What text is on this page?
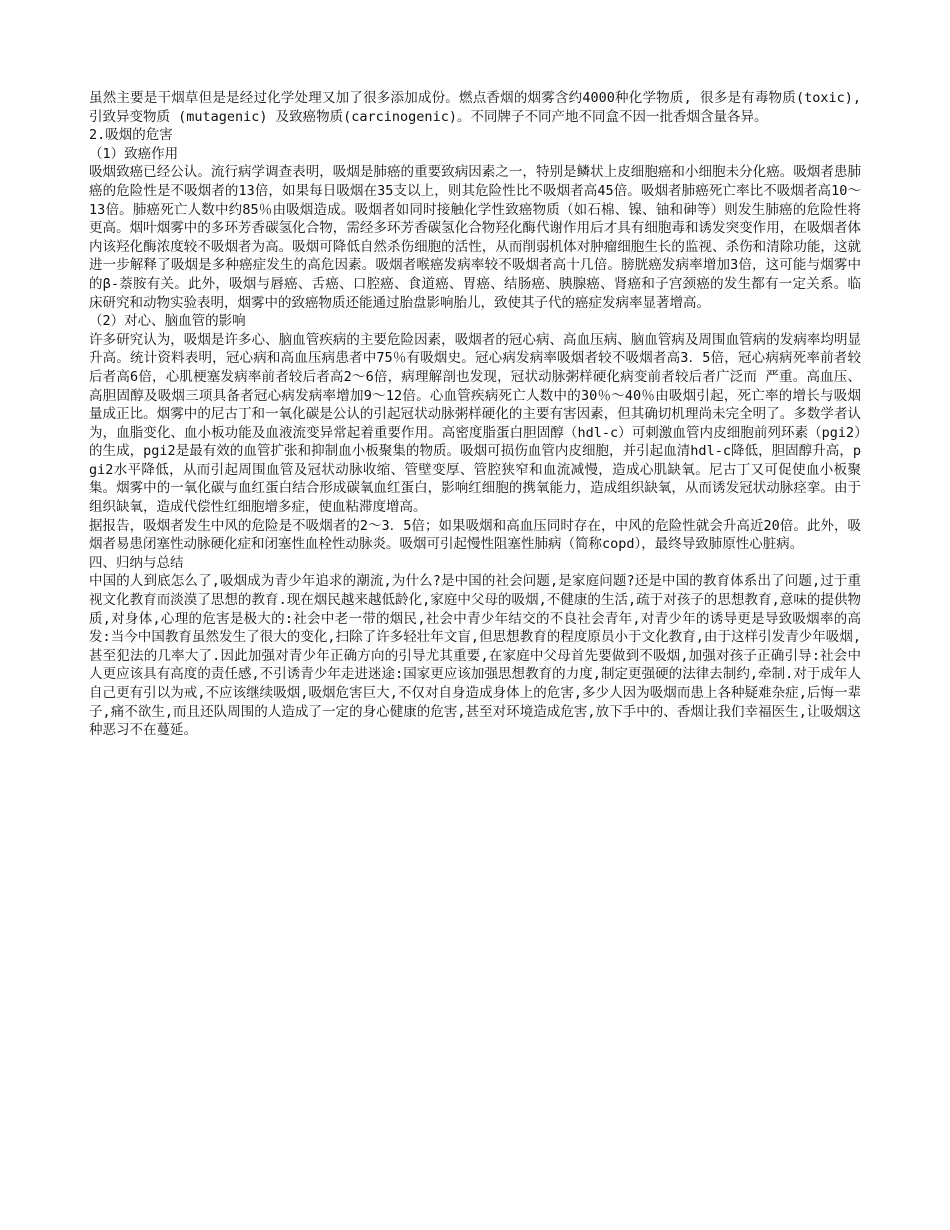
虽然主要是干烟草但是是经过化学处理又加了很多添加成份。燃点香烟的烟雾含约4000种化学物质, 很多是有毒物质(toxic),引致异变物质 (mutagenic) 及致癌物质(carcinogenic)。不同牌子不同产地不同盒不因一批香烟含量各异。

2.吸烟的危害

（1）致癌作用

吸烟致癌已经公认。流行病学调查表明，吸烟是肺癌的重要致病因素之一，特别是鳞状上皮细胞癌和小细胞未分化癌。吸烟者患肺癌的危险性是不吸烟者的13倍，如果每日吸烟在35支以上，则其危险性比不吸烟者高45倍。吸烟者肺癌死亡率比不吸烟者高10～13倍。肺癌死亡人数中约85％由吸烟造成。吸烟者如同时接触化学性致癌物质（如石棉、镍、铀和砷等）则发生肺癌的危险性将更高。烟叶烟雾中的多环芳香碳氢化合物，需经多环芳香碳氢化合物羟化酶代谢作用后才具有细胞毒和诱发突变作用，在吸烟者体内该羟化酶浓度较不吸烟者为高。吸烟可降低自然杀伤细胞的活性，从而削弱机体对肿瘤细胞生长的监视、杀伤和清除功能，这就进一步解释了吸烟是多种癌症发生的高危因素。吸烟者喉癌发病率较不吸烟者高十几倍。膀胱癌发病率增加3倍，这可能与烟雾中的β-萘胺有关。此外，吸烟与唇癌、舌癌、口腔癌、食道癌、胃癌、结肠癌、胰腺癌、肾癌和子宫颈癌的发生都有一定关系。临床研究和动物实验表明，烟雾中的致癌物质还能通过胎盘影响胎儿，致使其子代的癌症发病率显著增高。

（2）对心、脑血管的影响

许多研究认为，吸烟是许多心、脑血管疾病的主要危险因素，吸烟者的冠心病、高血压病、脑血管病及周围血管病的发病率均明显升高。统计资料表明，冠心病和高血压病患者中75％有吸烟史。冠心病发病率吸烟者较不吸烟者高3．5倍，冠心病病死率前者较后者高6倍，心肌梗塞发病率前者较后者高2～6倍，病理解剖也发现，冠状动脉粥样硬化病变前者较后者广泛而 严重。高血压、高胆固醇及吸烟三项具备者冠心病发病率增加9～12倍。心血管疾病死亡人数中的30％～40％由吸烟引起，死亡率的增长与吸烟量成正比。烟雾中的尼古丁和一氧化碳是公认的引起冠状动脉粥样硬化的主要有害因素，但其确切机理尚未完全明了。多数学者认为，血脂变化、血小板功能及血液流变异常起着重要作用。高密度脂蛋白胆固醇（hdl-c）可刺激血管内皮细胞前列环素（pgi2）的生成，pgi2是最有效的血管扩张和抑制血小板聚集的物质。吸烟可损伤血管内皮细胞，并引起血清hdl-c降低，胆固醇升高，pgi2水平降低，从而引起周围血管及冠状动脉收缩、管壁变厚、管腔狭窄和血流减慢，造成心肌缺氧。尼古丁又可促使血小板聚集。烟雾中的一氧化碳与血红蛋白结合形成碳氧血红蛋白，影响红细胞的携氧能力，造成组织缺氧，从而诱发冠状动脉痉挛。由于组织缺氧，造成代偿性红细胞增多症，使血粘滞度增高。

据报告，吸烟者发生中风的危险是不吸烟者的2～3．5倍；如果吸烟和高血压同时存在，中风的危险性就会升高近20倍。此外，吸烟者易患闭塞性动脉硬化症和闭塞性血栓性动脉炎。吸烟可引起慢性阻塞性肺病（简称copd），最终导致肺原性心脏病。

四、归纳与总结

中国的人到底怎么了,吸烟成为青少年追求的潮流,为什么?是中国的社会问题,是家庭问题?还是中国的教育体系出了问题,过于重视文化教育而淡漠了思想的教育.现在烟民越来越低龄化,家庭中父母的吸烟,不健康的生活,疏于对孩子的思想教育,意味的提供物质,对身体,心理的危害是极大的:社会中老一带的烟民,社会中青少年结交的不良社会青年,对青少年的诱导更是导致吸烟率的高发:当今中国教育虽然发生了很大的变化,扫除了许多轻壮年文盲,但思想教育的程度原员小于文化教育,由于这样引发青少年吸烟,甚至犯法的几率大了.因此加强对青少年正确方向的引导尤其重要,在家庭中父母首先要做到不吸烟,加强对孩子正确引导:社会中人更应该具有高度的责任感,不引诱青少年走进迷途:国家更应该加强思想教育的力度,制定更强硬的法律去制约,牵制.对于成年人自己更有引以为戒,不应该继续吸烟,吸烟危害巨大,不仅对自身造成身体上的危害,多少人因为吸烟而患上各种疑难杂症,后悔一辈子,痛不欲生,而且还队周围的人造成了一定的身心健康的危害,甚至对环境造成危害,放下手中的、香烟让我们幸福医生,让吸烟这种恶习不在蔓延。
